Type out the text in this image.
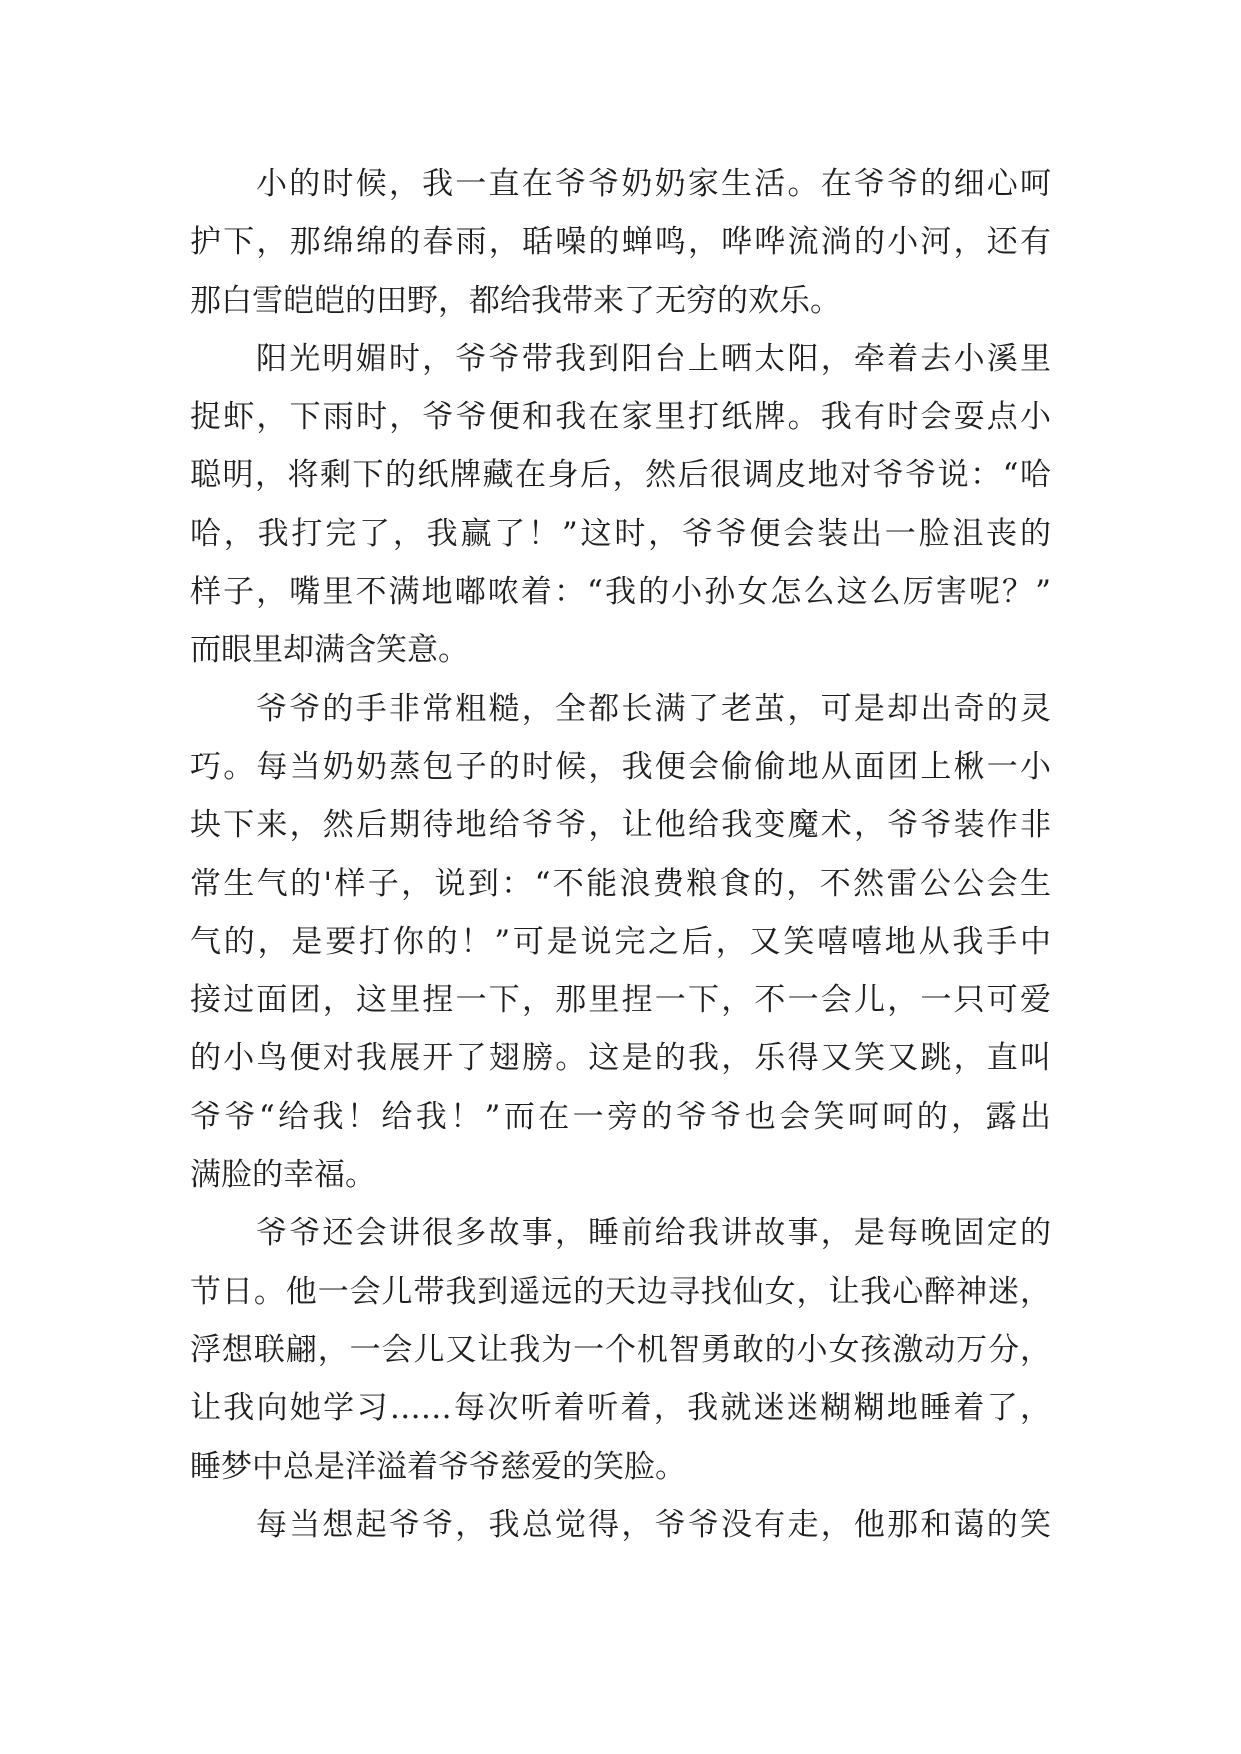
小的时候，我一直在爷爷奶奶家生活。在爷爷的细心呵
护下，那绵绵的春雨，聒噪的蝉鸣，哗哗流淌的小河，还有
那白雪皑皑的田野，都给我带来了无穷的欢乐。
阳光明媚时，爷爷带我到阳台上晒太阳，牵着去小溪里
捉虾，下雨时，爷爷便和我在家里打纸牌。我有时会耍点小
聪明，将剩下的纸牌藏在身后，然后很调皮地对爷爷说：“哈
哈，我打完了，我赢了！”这时，爷爷便会装出一脸沮丧的
样子，嘴里不满地嘟哝着：“我的小孙女怎么这么厉害呢？”
而眼里却满含笑意。
爷爷的手非常粗糙，全都长满了老茧，可是却出奇的灵
巧。每当奶奶蒸包子的时候，我便会偷偷地从面团上楸一小
块下来，然后期待地给爷爷，让他给我变魔术，爷爷装作非
常生气的'样子，说到：“不能浪费粮食的，不然雷公公会生
气的，是要打你的！”可是说完之后，又笑嘻嘻地从我手中
接过面团，这里捏一下，那里捏一下，不一会儿，一只可爱
的小鸟便对我展开了翅膀。这是的我，乐得又笑又跳，直叫
爷爷“给我！给我！”而在一旁的爷爷也会笑呵呵的，露出
满脸的幸福。
爷爷还会讲很多故事，睡前给我讲故事，是每晚固定的
节日。他一会儿带我到遥远的天边寻找仙女，让我心醉神迷，
浮想联翩，一会儿又让我为一个机智勇敢的小女孩激动万分，
让我向她学习……每次听着听着，我就迷迷糊糊地睡着了，
睡梦中总是洋溢着爷爷慈爱的笑脸。
每当想起爷爷，我总觉得，爷爷没有走，他那和蔼的笑
